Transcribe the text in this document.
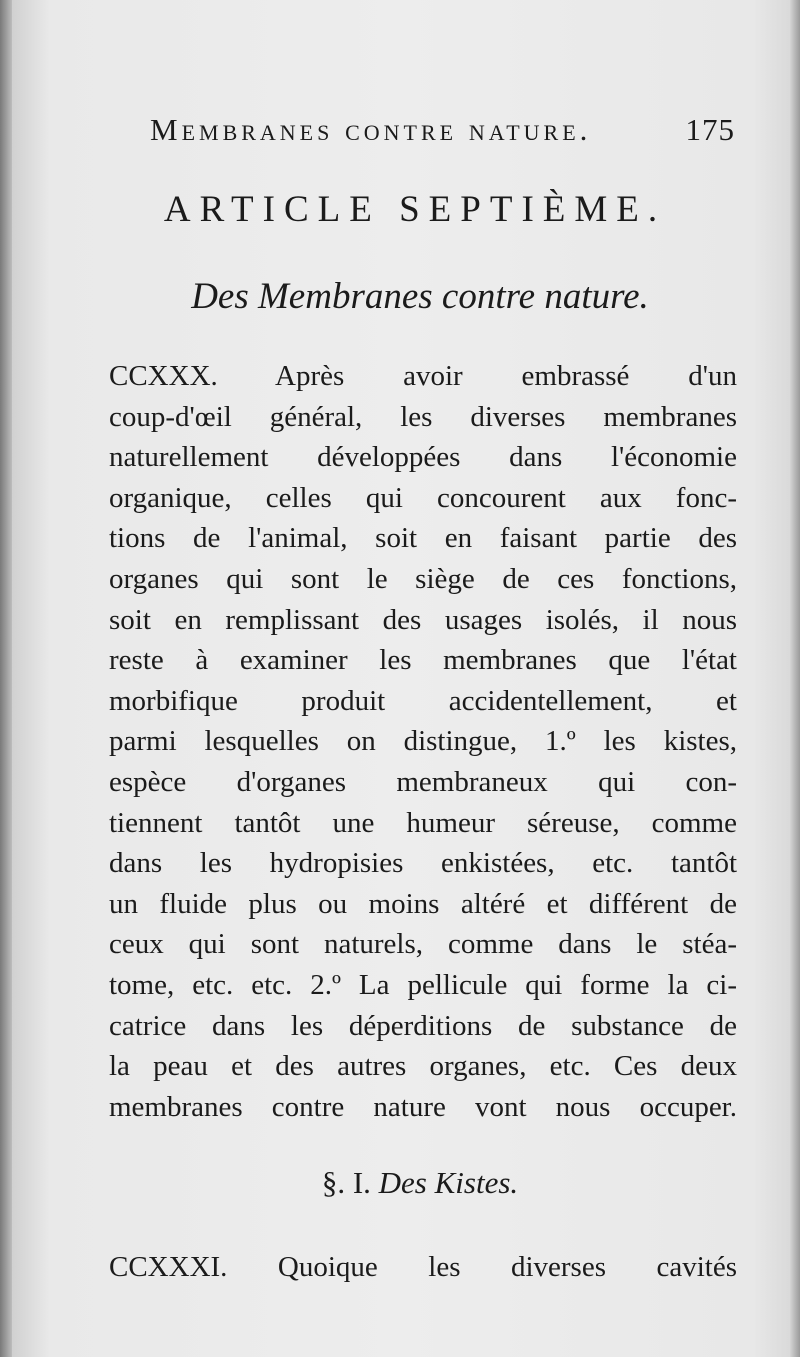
Membranes contre nature.	175
ARTICLE SEPTIÈME.
Des Membranes contre nature.
CCXXX. Après avoir embrassé d'un
coup-d'œil général, les diverses membranes
naturellement développées dans l'économie
organique, celles qui concourent aux fonc-
tions de l'animal, soit en faisant partie des
organes qui sont le siège de ces fonctions,
soit en remplissant des usages isolés, il nous
reste à examiner les membranes que l'état
morbifique produit accidentellement, et
parmi lesquelles on distingue, 1.º les kistes,
espèce d'organes membraneux qui con-
tiennent tantôt une humeur séreuse, comme
dans les hydropisies enkistées, etc. tantôt
un fluide plus ou moins altéré et différent de
ceux qui sont naturels, comme dans le stéa-
tome, etc. etc. 2.º La pellicule qui forme la ci-
catrice dans les déperditions de substance de
la peau et des autres organes, etc. Ces deux
membranes contre nature vont nous occuper.
§. I. Des Kistes.
CCXXXI. Quoique les diverses cavités
